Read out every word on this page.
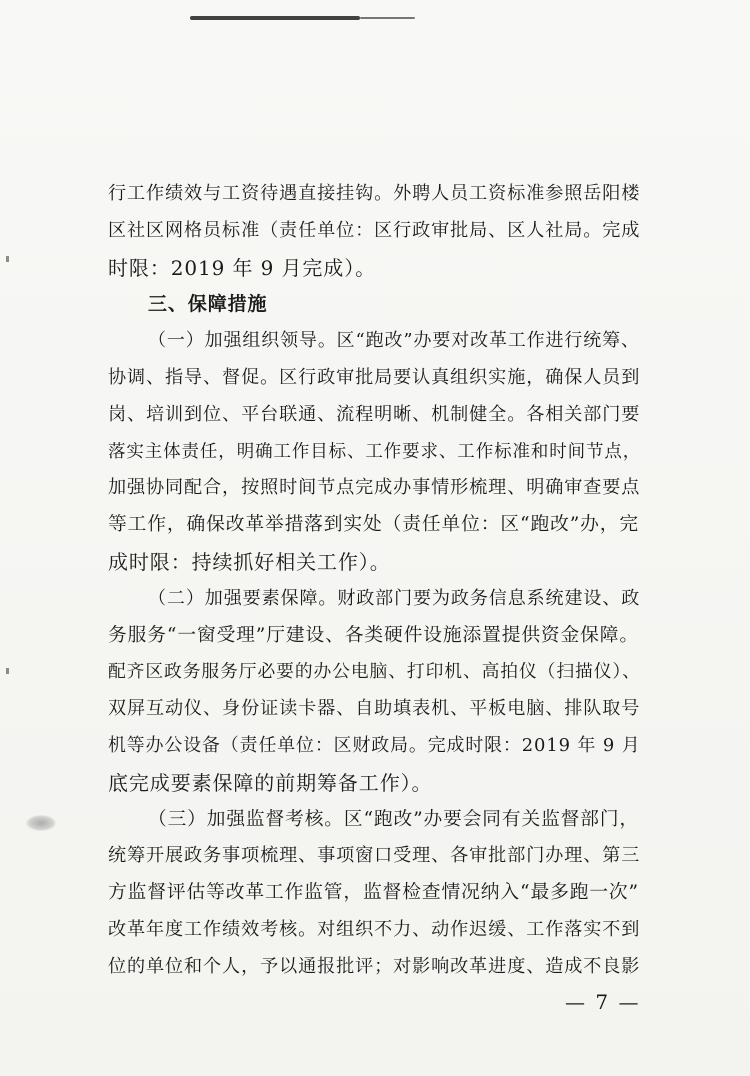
行工作绩效与工资待遇直接挂钩。外聘人员工资标准参照岳阳楼
区社区网格员标准（责任单位：区行政审批局、区人社局。完成
时限：2019 年 9 月完成）。
三、保障措施
（一）加强组织领导。区“跑改”办要对改革工作进行统筹、
协调、指导、督促。区行政审批局要认真组织实施，确保人员到
岗、培训到位、平台联通、流程明晰、机制健全。各相关部门要
落实主体责任，明确工作目标、工作要求、工作标准和时间节点，
加强协同配合，按照时间节点完成办事情形梳理、明确审查要点
等工作，确保改革举措落到实处（责任单位：区“跑改”办，完
成时限：持续抓好相关工作）。
（二）加强要素保障。财政部门要为政务信息系统建设、政
务服务“一窗受理”厅建设、各类硬件设施添置提供资金保障。
配齐区政务服务厅必要的办公电脑、打印机、高拍仪（扫描仪）、
双屏互动仪、身份证读卡器、自助填表机、平板电脑、排队取号
机等办公设备（责任单位：区财政局。完成时限：2019 年 9 月
底完成要素保障的前期筹备工作）。
（三）加强监督考核。区“跑改”办要会同有关监督部门，
统筹开展政务事项梳理、事项窗口受理、各审批部门办理、第三
方监督评估等改革工作监管，监督检查情况纳入“最多跑一次”
改革年度工作绩效考核。对组织不力、动作迟缓、工作落实不到
位的单位和个人，予以通报批评；对影响改革进度、造成不良影
— 7 —
